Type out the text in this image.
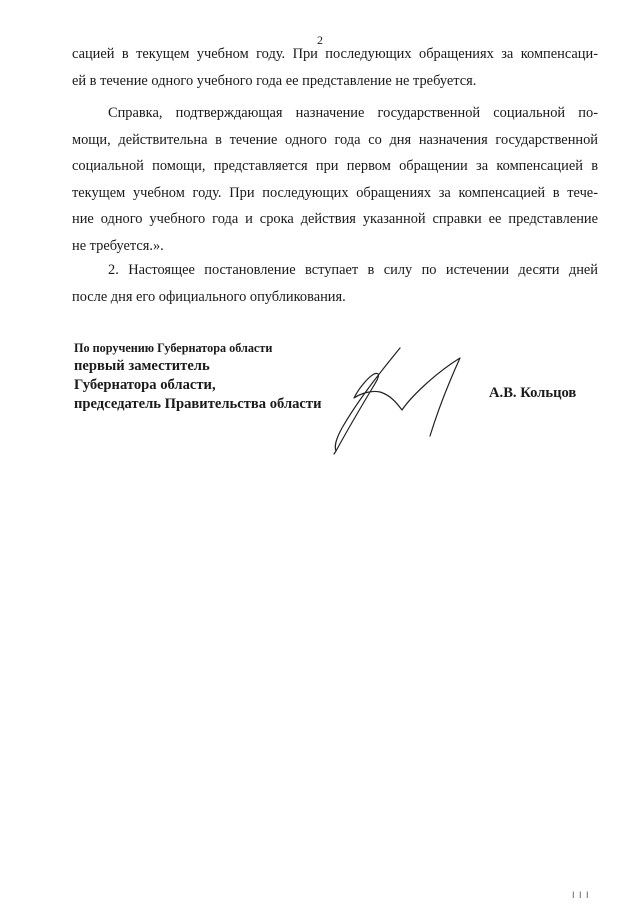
2

сацией в текущем учебном году. При последующих обращениях за компенсаци-
ей в течение одного учебного года ее представление не требуется.

Справка, подтверждающая назначение государственной социальной по-
мощи, действительна в течение одного года со дня назначения государственной
социальной помощи, представляется при первом обращении за компенсацией в
текущем учебном году. При последующих обращениях за компенсацией в тече-
ние одного учебного года и срока действия указанной справки ее представление
не требуется.».

2. Настоящее постановление вступает в силу по истечении десяти дней
после дня его официального опубликования.

По поручению Губернатора области
первый заместитель
Губернатора области,
председатель Правительства области
А.В. Кольцов
I I I
